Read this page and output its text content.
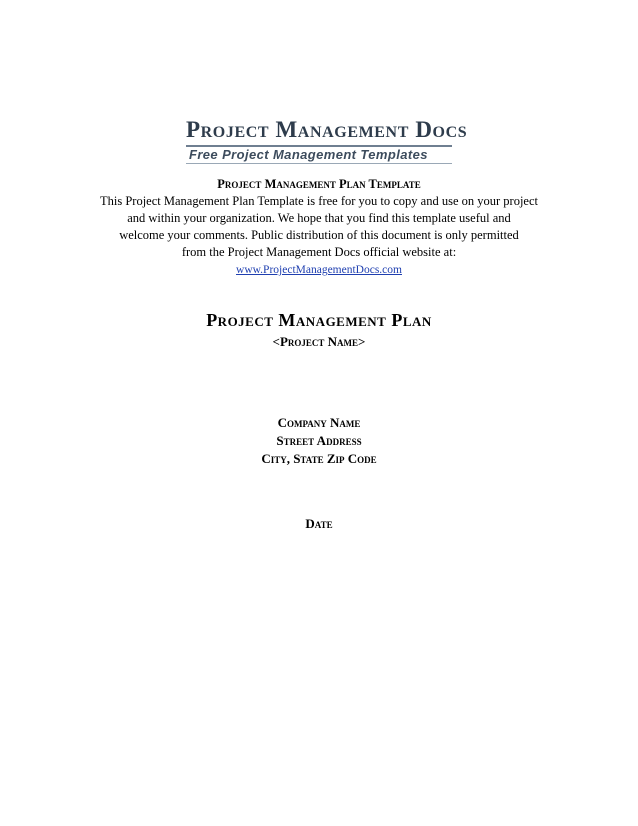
Project Management Docs
Free Project Management Templates
Project Management Plan Template
This Project Management Plan Template is free for you to copy and use on your project
and within your organization. We hope that you find this template useful and
welcome your comments. Public distribution of this document is only permitted
from the Project Management Docs official website at:
www.ProjectManagementDocs.com
Project Management Plan
<Project Name>
Company Name
Street Address
City, State Zip Code
Date
